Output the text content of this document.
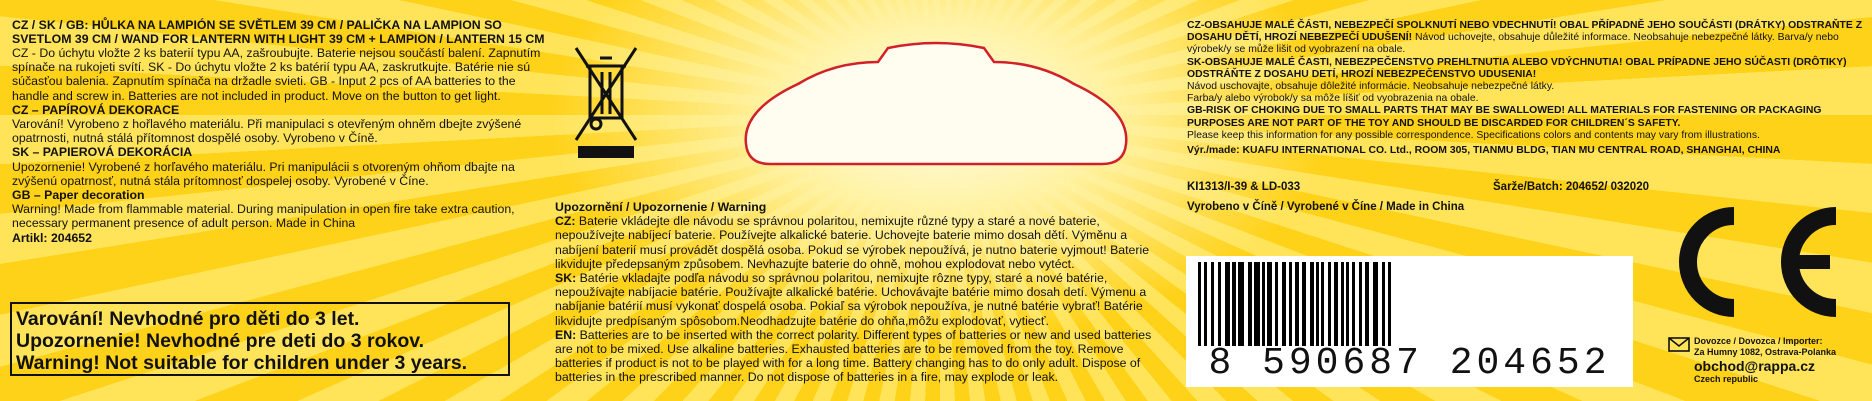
CZ / SK / GB: HŮLKA NA LAMPIÓN SE SVĚTLEM 39 CM / PALIČKA NA LAMPION SO SVETLOM 39 CM / WAND FOR LANTERN WITH LIGHT 39 CM + LAMPION / LANTERN 15 CM

CZ - Do úchytu vložte 2 ks baterií typu AA, zašroubujte. Baterie nejsou součástí balení. Zapnutím spínače na rukojeti svítí. SK - Do úchytu vložte 2 ks batérií typu AA, zaskrutkujte. Batérie nie sú súčasťou balenia. Zapnutím spínača na držadle svieti. GB - Input 2 pcs of AA batteries to the handle and screw in. Batteries are not included in product. Move on the button to get light.

CZ – PAPÍROVÁ DEKORACE

Varování! Vyrobeno z hořlavého materiálu. Při manipulaci s otevřeným ohněm dbejte zvýšené opatrnosti, nutná stálá přítomnost dospělé osoby. Vyrobeno v Číně.

SK – PAPIEROVÁ DEKORÁCIA

Upozornenie! Vyrobené z horľavého materiálu. Pri manipulácii s otvoreným ohňom dbajte na zvýšenú opatrnosť, nutná stála prítomnosť dospelej osoby. Vyrobené v Číne.

GB – Paper decoration

Warning! Made from flammable material. During manipulation in open fire take extra caution, necessary permanent presence of adult person. Made in China

Artikl: 204652

Varování! Nevhodné pro děti do 3 let.
Upozornenie! Nevhodné pre deti do 3 rokov.
Warning! Not suitable for children under 3 years.

Upozornění / Upozornenie / Warning

CZ: Baterie vkládejte dle návodu se správnou polaritou, nemixujte různé typy a staré a nové baterie, nepoužívejte nabíjecí baterie. Používejte alkalické baterie. Uchovejte baterie mimo dosah dětí. Výměnu a nabíjení baterií musí provádět dospělá osoba. Pokud se výrobek nepoužívá, je nutno baterie vyjmout! Baterie likvidujte předepsaným způsobem. Nevhazujte baterie do ohně, mohou explodovat nebo vytéct.

SK: Batérie vkladajte podľa návodu so správnou polaritou, nemixujte rôzne typy, staré a nové batérie, nepoužívajte nabíjacie batérie. Používajte alkalické batérie. Uchovávajte batérie mimo dosah detí. Výmenu a nabíjanie batérií musí vykonať dospelá osoba. Pokiaľ sa výrobok nepoužíva, je nutné batérie vybrať! Batérie likvidujte predpísaným spôsobom.Neodhadzujte batérie do ohňa,môžu explodovať, vytiecť.

EN: Batteries are to be inserted with the correct polarity. Different types of batteries or new and used batteries are not to be mixed. Use alkaline batteries. Exhausted batteries are to be removed from the toy. Remove batteries if product is not to be played with for a long time. Battery changing has to do only adult. Dispose of batteries in the prescribed manner. Do not dispose of batteries in a fire, may explode or leak.

CZ-OBSAHUJE MALÉ ČÁSTI, NEBEZPEČÍ SPOLKNUTÍ NEBO VDECHNUTÍ! OBAL PŘÍPADNĚ JEHO SOUČÁSTI (DRÁTKY) ODSTRAŇTE Z DOSAHU DĚTÍ, HROZÍ NEBEZPEČÍ UDUŠENÍ! Návod uchovejte, obsahuje důležité informace. Neobsahuje nebezpečné látky. Barva/y nebo výrobek/y se může lišit od vyobrazení na obale.

SK-OBSAHUJE MALÉ ČASTI, NEBEZPEČENSTVO PREHLTNUTIA ALEBO VDÝCHNUTIA! OBAL PRÍPADNE JEHO SÚČASTI (DRÔTIKY) ODSTRÁŇTE Z DOSAHU DETÍ, HROZÍ NEBEZPEČENSTVO UDUSENIA!

Návod uschovajte, obsahuje dôležité informácie. Neobsahuje nebezpečné látky.

Farba/y alebo výrobok/y sa môže líšiť od vyobrazenia na obale.

GB-RISK OF CHOKING DUE TO SMALL PARTS THAT MAY BE SWALLOWED! ALL MATERIALS FOR FASTENING OR PACKAGING PURPOSES ARE NOT PART OF THE TOY AND SHOULD BE DISCARDED FOR CHILDREN´S SAFETY.

Please keep this information for any possible correspondence. Specifications colors and contents may vary from illustrations.

Výr./made: KUAFU INTERNATIONAL CO. Ltd., ROOM 305, TIANMU BLDG, TIAN MU CENTRAL ROAD, SHANGHAI, CHINA

KI1313/I-39 & LD-033	Šarže/Batch: 204652/ 032020
Vyrobeno v Číně / Vyrobené v Číne / Made in China
8 590687 204652
Dovozce / Dovozca / Importer:
Za Humny 1082, Ostrava-Polanka
obchod@rappa.cz
Czech republic
